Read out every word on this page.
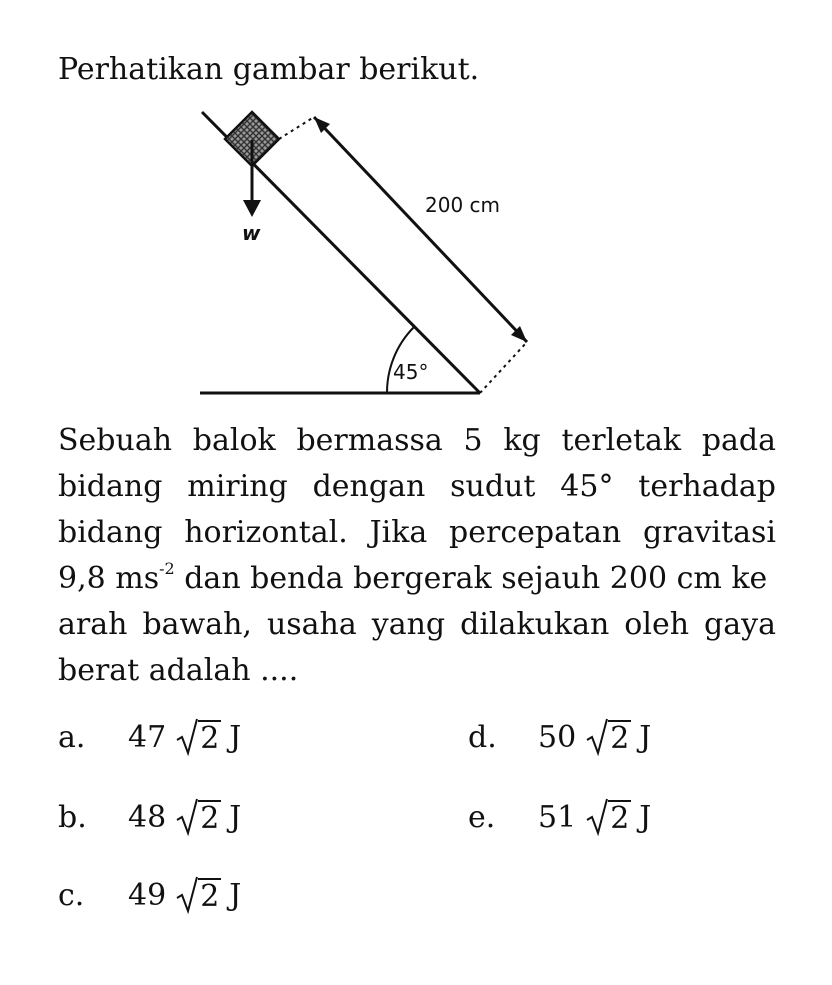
Perhatikan gambar berikut.
w
200 cm
45°
Sebuah balok bermassa 5 kg terletak pada
bidang miring dengan sudut 45° terhadap
bidang horizontal. Jika percepatan gravitasi
9,8 $ms^{-2}$ dan benda bergerak sejauh 200 cm ke
arah bawah, usaha yang dilakukan oleh gaya
berat adalah ....
a.	47 2 J
b.	48 2 J
c.	49 2 J
d.	50 2 J
e.	51 2 J
